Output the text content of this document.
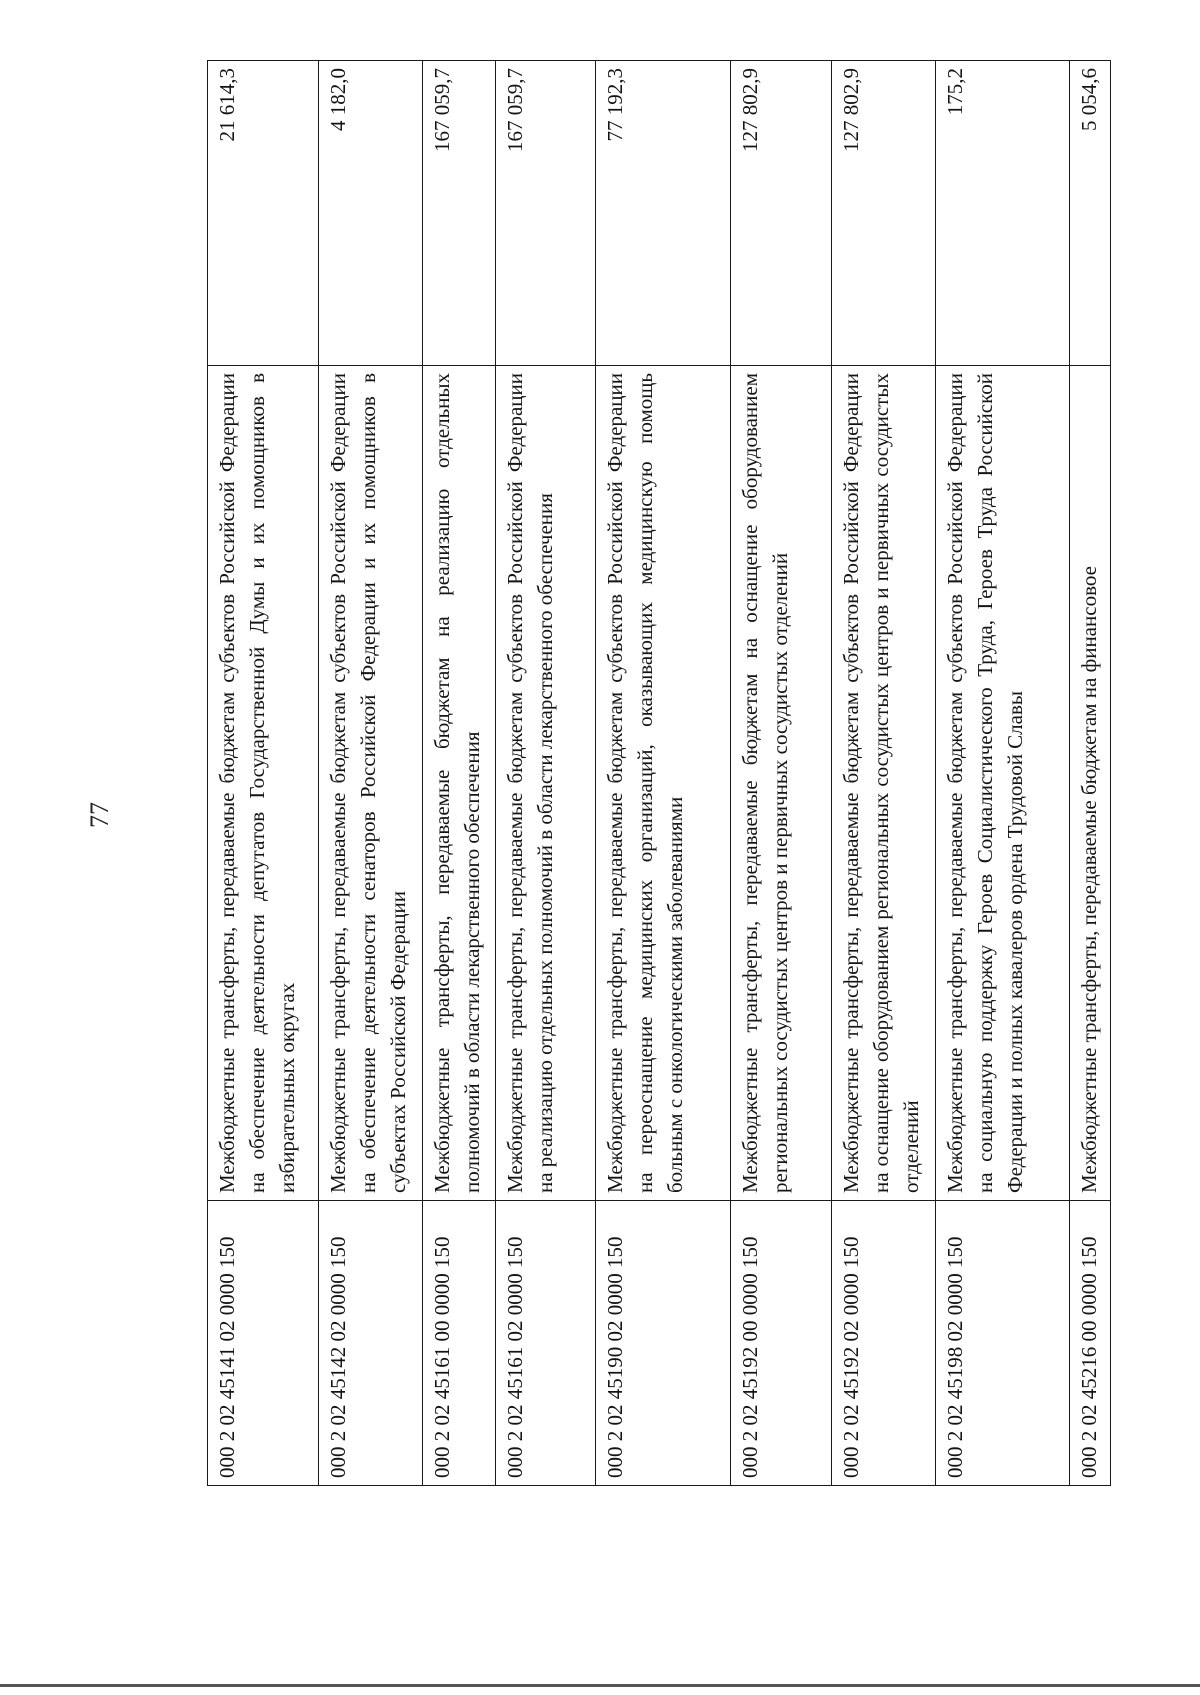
77
000 2 02 45141 02 0000 150	Межбюджетные трансферты, передаваемые бюджетам субъектов Российской Федерации на обеспечение деятельности депутатов Государственной Думы и их помощников в избирательных округах	21 614,3
000 2 02 45142 02 0000 150	Межбюджетные трансферты, передаваемые бюджетам субъектов Российской Федерации на обеспечение деятельности сенаторов Российской Федерации и их помощников в субъектах Российской Федерации	4 182,0
000 2 02 45161 00 0000 150	Межбюджетные трансферты, передаваемые бюджетам на реализацию отдельных полномочий в области лекарственного обеспечения	167 059,7
000 2 02 45161 02 0000 150	Межбюджетные трансферты, передаваемые бюджетам субъектов Российской Федерации на реализацию отдельных полномочий в области лекарственного обеспечения	167 059,7
000 2 02 45190 02 0000 150	Межбюджетные трансферты, передаваемые бюджетам субъектов Российской Федерации на переоснащение медицинских организаций, оказывающих медицинскую помощь больным с онкологическими заболеваниями	77 192,3
000 2 02 45192 00 0000 150	Межбюджетные трансферты, передаваемые бюджетам на оснащение оборудованием региональных сосудистых центров и первичных сосудистых отделений	127 802,9
000 2 02 45192 02 0000 150	Межбюджетные трансферты, передаваемые бюджетам субъектов Российской Федерации на оснащение оборудованием региональных сосудистых центров и первичных сосудистых отделений	127 802,9
000 2 02 45198 02 0000 150	Межбюджетные трансферты, передаваемые бюджетам субъектов Российской Федерации на социальную поддержку Героев Социалистического Труда, Героев Труда Российской Федерации и полных кавалеров ордена Трудовой Славы	175,2
000 2 02 45216 00 0000 150	Межбюджетные трансферты, передаваемые бюджетам на финансовое	5 054,6
